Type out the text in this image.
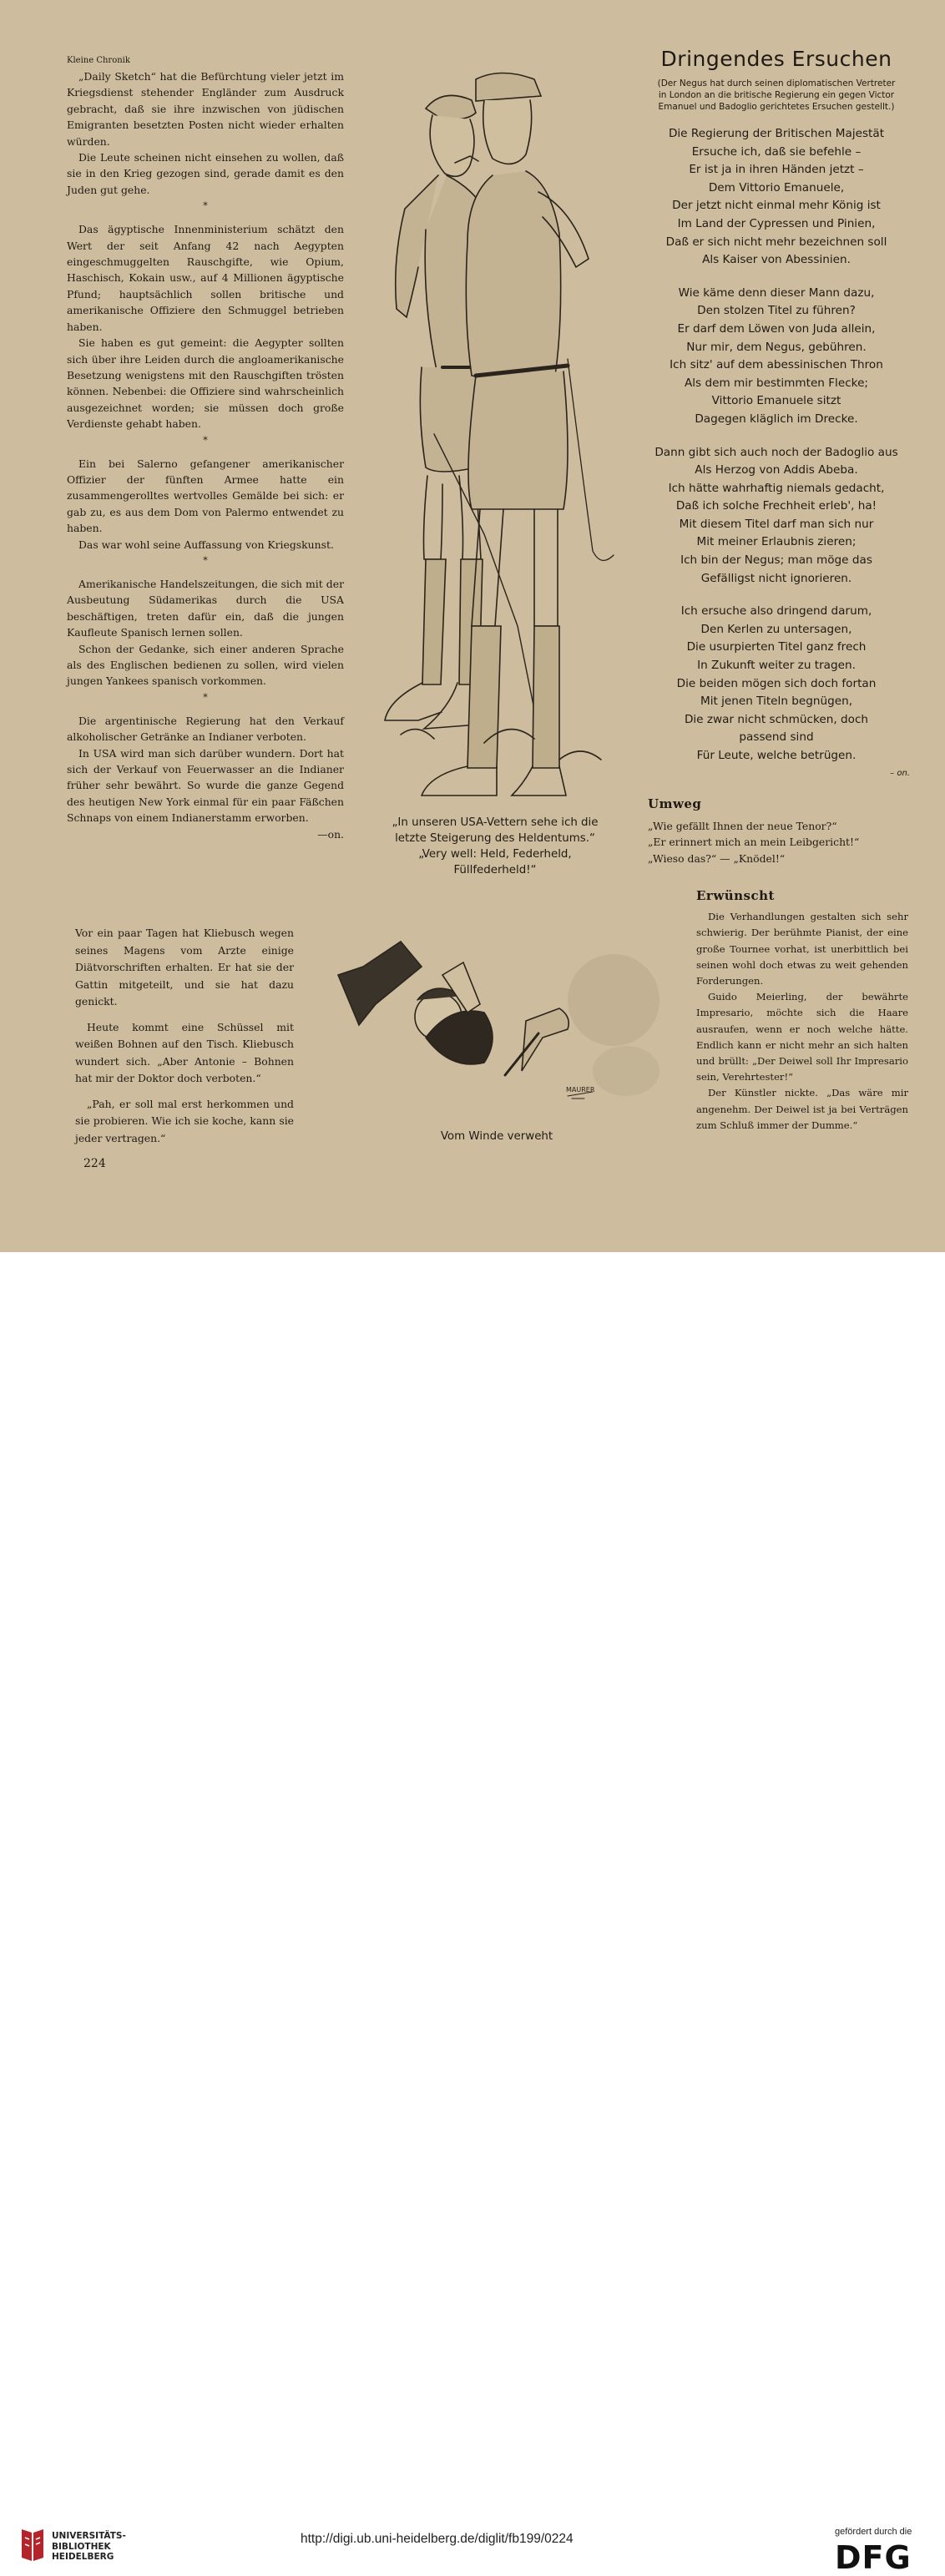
Kleine Chronik

„Daily Sketch“ hat die Befürchtung vieler jetzt im Kriegsdienst stehender Engländer zum Ausdruck gebracht, daß sie ihre inzwischen von jüdischen Emigranten besetzten Posten nicht wieder erhalten würden.

Die Leute scheinen nicht einsehen zu wollen, daß sie in den Krieg gezogen sind, gerade damit es den Juden gut gehe.

*

Das ägyptische Innenministerium schätzt den Wert der seit Anfang 42 nach Aegypten eingeschmuggelten Rauschgifte, wie Opium, Haschisch, Kokain usw., auf 4 Millionen ägyptische Pfund; hauptsächlich sollen britische und amerikanische Offiziere den Schmuggel betrieben haben.

Sie haben es gut gemeint: die Aegypter sollten sich über ihre Leiden durch die angloamerikanische Besetzung wenigstens mit den Rauschgiften trösten können. Nebenbei: die Offiziere sind wahrscheinlich ausgezeichnet worden; sie müssen doch große Verdienste gehabt haben.

*

Ein bei Salerno gefangener amerikanischer Offizier der fünften Armee hatte ein zusammengerolltes wertvolles Gemälde bei sich: er gab zu, es aus dem Dom von Palermo entwendet zu haben.

Das war wohl seine Auffassung von Kriegskunst.

*

Amerikanische Handelszeitungen, die sich mit der Ausbeutung Südamerikas durch die USA beschäftigen, treten dafür ein, daß die jungen Kaufleute Spanisch lernen sollen.

Schon der Gedanke, sich einer anderen Sprache als des Englischen bedienen zu sollen, wird vielen jungen Yankees spanisch vorkommen.

*

Die argentinische Regierung hat den Verkauf alkoholischer Getränke an Indianer verboten.

In USA wird man sich darüber wundern. Dort hat sich der Verkauf von Feuerwasser an die Indianer früher sehr bewährt. So wurde die ganze Gegend des heutigen New York einmal für ein paar Fäßchen Schnaps von einem Indianerstamm erworben.
—on.

Vor ein paar Tagen hat Kliebusch wegen seines Magens vom Arzte einige Diätvorschriften erhalten. Er hat sie der Gattin mitgeteilt, und sie hat dazu genickt.

Heute kommt eine Schüssel mit weißen Bohnen auf den Tisch. Kliebusch wundert sich. „Aber Antonie – Bohnen hat mir der Doktor doch verboten.“

„Pah, er soll mal erst herkommen und sie probieren. Wie ich sie koche, kann sie jeder vertragen.“

224
„In unseren USA-Vettern sehe ich die
letzte Steigerung des Heldentums.“
„Very well: Held, Federheld,
Füllfederheld!“
MAURER
Vom Winde verweht
Dringendes Ersuchen
(Der Negus hat durch seinen diplomatischen Vertreter
in London an die britische Regierung ein gegen Victor
Emanuel und Badoglio gerichtetes Ersuchen gestellt.)
Die Regierung der Britischen Majestät
Ersuche ich, daß sie befehle –
Er ist ja in ihren Händen jetzt –
Dem Vittorio Emanuele,
Der jetzt nicht einmal mehr König ist
Im Land der Cypressen und Pinien,
Daß er sich nicht mehr bezeichnen soll
Als Kaiser von Abessinien.
Wie käme denn dieser Mann dazu,
Den stolzen Titel zu führen?
Er darf dem Löwen von Juda allein,
Nur mir, dem Negus, gebühren.
Ich sitz' auf dem abessinischen Thron
Als dem mir bestimmten Flecke;
Vittorio Emanuele sitzt
Dagegen kläglich im Drecke.
Dann gibt sich auch noch der Badoglio aus
Als Herzog von Addis Abeba.
Ich hätte wahrhaftig niemals gedacht,
Daß ich solche Frechheit erleb', ha!
Mit diesem Titel darf man sich nur
Mit meiner Erlaubnis zieren;
Ich bin der Negus; man möge das
Gefälligst nicht ignorieren.
Ich ersuche also dringend darum,
Den Kerlen zu untersagen,
Die usurpierten Titel ganz frech
In Zukunft weiter zu tragen.
Die beiden mögen sich doch fortan
Mit jenen Titeln begnügen,
Die zwar nicht schmücken, doch
passend sind
Für Leute, welche betrügen.
– on.
Umweg
„Wie gefällt Ihnen der neue Tenor?“
„Er erinnert mich an mein Leibgericht!“
„Wieso das?“ — „Knödel!“
Erwünscht

Die Verhandlungen gestalten sich sehr schwierig. Der berühmte Pianist, der eine große Tournee vorhat, ist unerbittlich bei seinen wohl doch etwas zu weit gehenden Forderungen.

Guido Meierling, der bewährte Impresario, möchte sich die Haare ausraufen, wenn er noch welche hätte. Endlich kann er nicht mehr an sich halten und brüllt: „Der Deiwel soll Ihr Impresario sein, Verehrtester!“

Der Künstler nickte. „Das wäre mir angenehm. Der Deiwel ist ja bei Verträgen zum Schluß immer der Dumme.“

UNIVERSITÄTS-
BIBLIOTHEK
HEIDELBERG
http://digi.ub.uni-heidelberg.de/diglit/fb199/0224	gefördert durch die
DFG
